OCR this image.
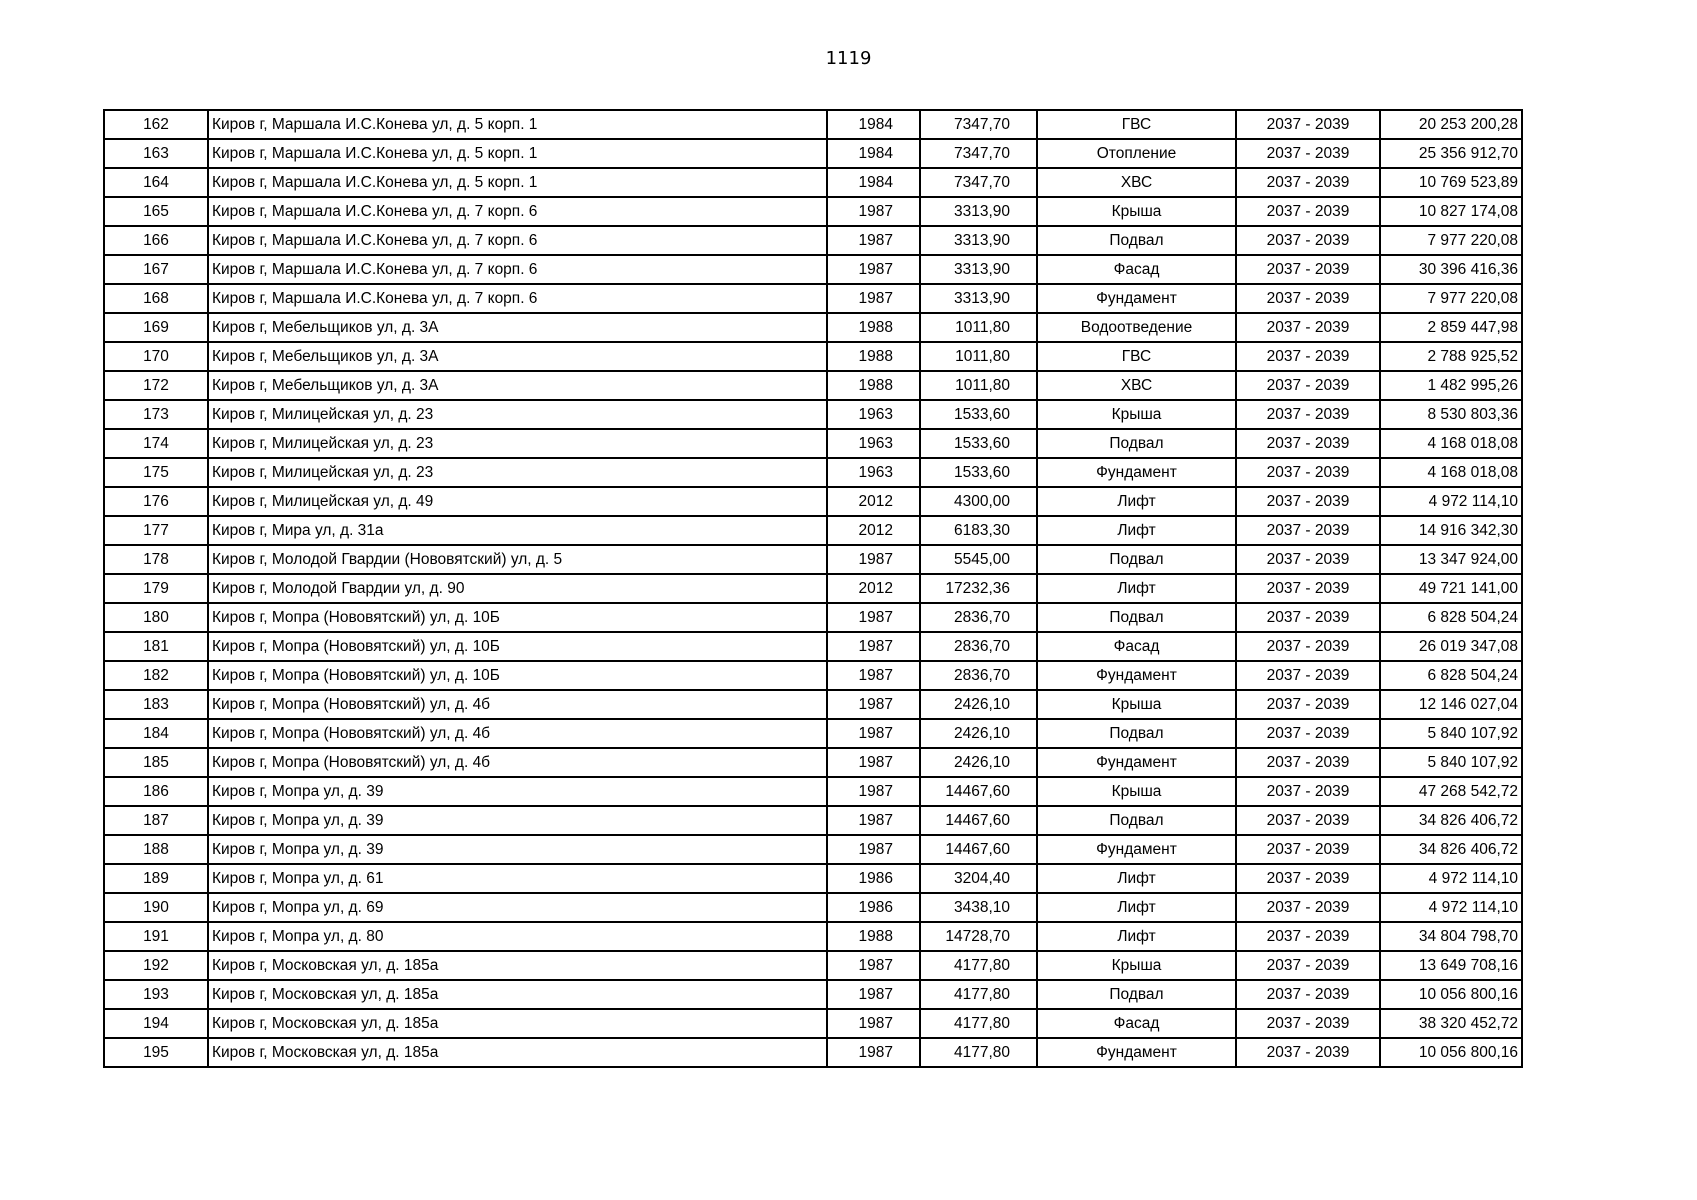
1119
162	Киров г, Маршала И.С.Конева ул, д. 5 корп. 1	1984	7347,70	ГВС	2037 - 2039	20 253 200,28
163	Киров г, Маршала И.С.Конева ул, д. 5 корп. 1	1984	7347,70	Отопление	2037 - 2039	25 356 912,70
164	Киров г, Маршала И.С.Конева ул, д. 5 корп. 1	1984	7347,70	ХВС	2037 - 2039	10 769 523,89
165	Киров г, Маршала И.С.Конева ул, д. 7 корп. 6	1987	3313,90	Крыша	2037 - 2039	10 827 174,08
166	Киров г, Маршала И.С.Конева ул, д. 7 корп. 6	1987	3313,90	Подвал	2037 - 2039	7 977 220,08
167	Киров г, Маршала И.С.Конева ул, д. 7 корп. 6	1987	3313,90	Фасад	2037 - 2039	30 396 416,36
168	Киров г, Маршала И.С.Конева ул, д. 7 корп. 6	1987	3313,90	Фундамент	2037 - 2039	7 977 220,08
169	Киров г, Мебельщиков ул, д. 3А	1988	1011,80	Водоотведение	2037 - 2039	2 859 447,98
170	Киров г, Мебельщиков ул, д. 3А	1988	1011,80	ГВС	2037 - 2039	2 788 925,52
172	Киров г, Мебельщиков ул, д. 3А	1988	1011,80	ХВС	2037 - 2039	1 482 995,26
173	Киров г, Милицейская ул, д. 23	1963	1533,60	Крыша	2037 - 2039	8 530 803,36
174	Киров г, Милицейская ул, д. 23	1963	1533,60	Подвал	2037 - 2039	4 168 018,08
175	Киров г, Милицейская ул, д. 23	1963	1533,60	Фундамент	2037 - 2039	4 168 018,08
176	Киров г, Милицейская ул, д. 49	2012	4300,00	Лифт	2037 - 2039	4 972 114,10
177	Киров г, Мира ул, д. 31а	2012	6183,30	Лифт	2037 - 2039	14 916 342,30
178	Киров г, Молодой Гвардии (Нововятский) ул, д. 5	1987	5545,00	Подвал	2037 - 2039	13 347 924,00
179	Киров г, Молодой Гвардии ул, д. 90	2012	17232,36	Лифт	2037 - 2039	49 721 141,00
180	Киров г, Мопра (Нововятский) ул, д. 10Б	1987	2836,70	Подвал	2037 - 2039	6 828 504,24
181	Киров г, Мопра (Нововятский) ул, д. 10Б	1987	2836,70	Фасад	2037 - 2039	26 019 347,08
182	Киров г, Мопра (Нововятский) ул, д. 10Б	1987	2836,70	Фундамент	2037 - 2039	6 828 504,24
183	Киров г, Мопра (Нововятский) ул, д. 4б	1987	2426,10	Крыша	2037 - 2039	12 146 027,04
184	Киров г, Мопра (Нововятский) ул, д. 4б	1987	2426,10	Подвал	2037 - 2039	5 840 107,92
185	Киров г, Мопра (Нововятский) ул, д. 4б	1987	2426,10	Фундамент	2037 - 2039	5 840 107,92
186	Киров г, Мопра ул, д. 39	1987	14467,60	Крыша	2037 - 2039	47 268 542,72
187	Киров г, Мопра ул, д. 39	1987	14467,60	Подвал	2037 - 2039	34 826 406,72
188	Киров г, Мопра ул, д. 39	1987	14467,60	Фундамент	2037 - 2039	34 826 406,72
189	Киров г, Мопра ул, д. 61	1986	3204,40	Лифт	2037 - 2039	4 972 114,10
190	Киров г, Мопра ул, д. 69	1986	3438,10	Лифт	2037 - 2039	4 972 114,10
191	Киров г, Мопра ул, д. 80	1988	14728,70	Лифт	2037 - 2039	34 804 798,70
192	Киров г, Московская ул, д. 185а	1987	4177,80	Крыша	2037 - 2039	13 649 708,16
193	Киров г, Московская ул, д. 185а	1987	4177,80	Подвал	2037 - 2039	10 056 800,16
194	Киров г, Московская ул, д. 185а	1987	4177,80	Фасад	2037 - 2039	38 320 452,72
195	Киров г, Московская ул, д. 185а	1987	4177,80	Фундамент	2037 - 2039	10 056 800,16
